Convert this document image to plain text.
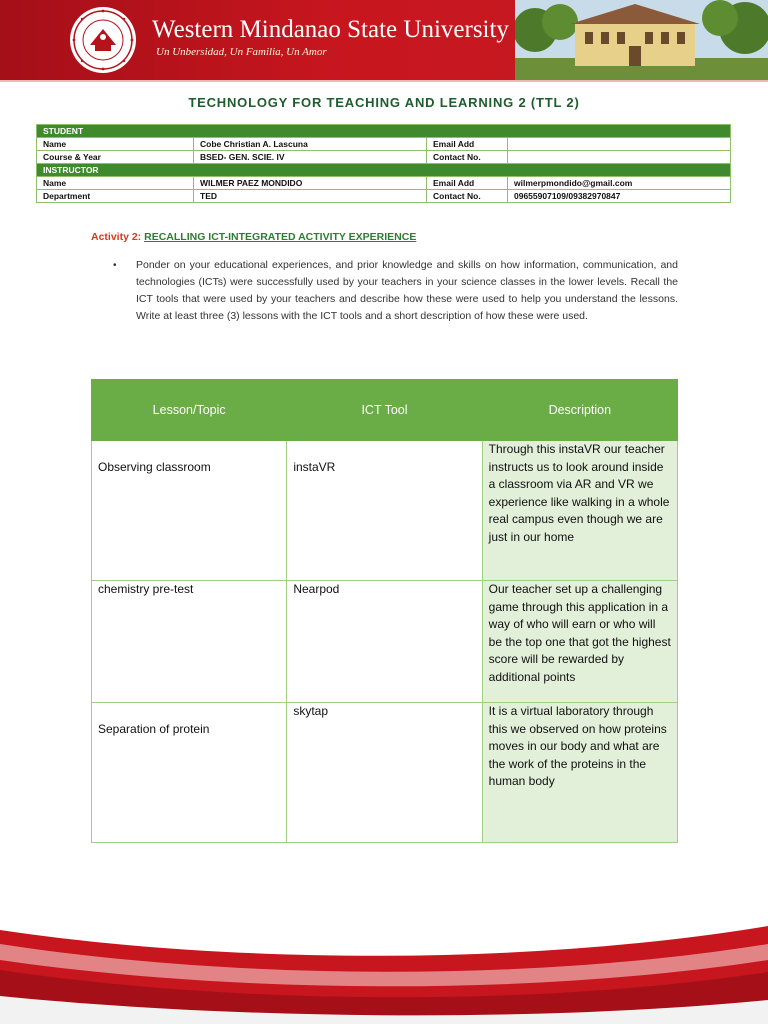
Western Mindanao State University
Un Unbersidad, Un Familia, Un Amor
TECHNOLOGY FOR TEACHING AND LEARNING 2 (TTL 2)
STUDENT			
Name	Cobe Christian A. Lascuna	Email Add	
Course & Year	BSED- GEN. SCIE. IV	Contact No.	
INSTRUCTOR			
Name	WILMER PAEZ MONDIDO	Email Add	wilmerpmondido@gmail.com
Department	TED	Contact No.	09655907109/09382970847
Activity 2: RECALLING ICT-INTEGRATED ACTIVITY EXPERIENCE
• Ponder on your educational experiences, and prior knowledge and skills on how information, communication, and technologies (ICTs) were successfully used by your teachers in your science classes in the lower levels. Recall the ICT tools that were used by your teachers and describe how these were used to help you understand the lessons. Write at least three (3) lessons with the ICT tools and a short description of how these were used.
Lesson/Topic	ICT Tool	Description
Observing classroom	instaVR	Through this instaVR our teacher instructs us to look around inside a classroom via AR and VR we experience like walking in a whole real campus even though we are just in our home
chemistry pre-test	Nearpod	Our teacher set up a challenging game through this application in a way of who will earn or who will be the top one that got the highest score will be rewarded by additional points
Separation of protein	skytap	It is a virtual laboratory through this we observed on how proteins moves in our body and what are the work of the proteins in the human body
